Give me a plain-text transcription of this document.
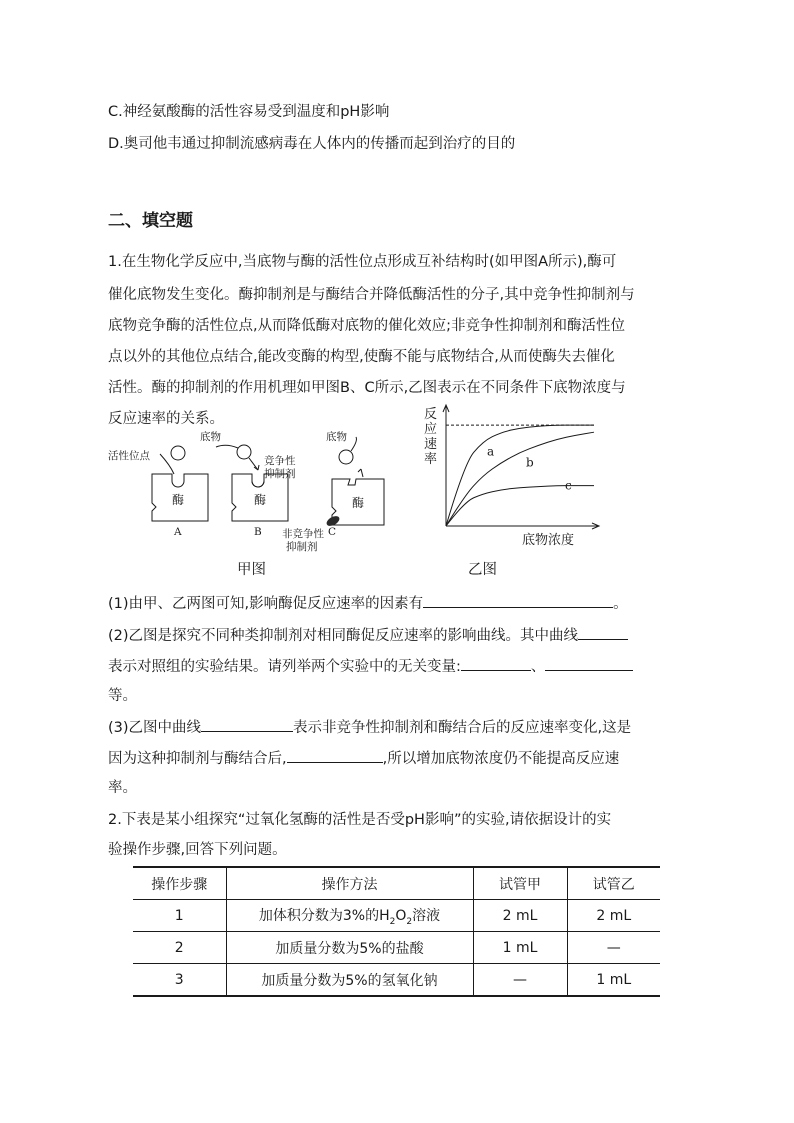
C.神经氨酸酶的活性容易受到温度和pH影响
D.奥司他韦通过抑制流感病毒在人体内的传播而起到治疗的目的
二、填空题
1.在生物化学反应中,当底物与酶的活性位点形成互补结构时(如甲图A所示),酶可
催化底物发生变化。酶抑制剂是与酶结合并降低酶活性的分子,其中竞争性抑制剂与
底物竞争酶的活性位点,从而降低酶对底物的催化效应;非竞争性抑制剂和酶活性位
点以外的其他位点结合,能改变酶的构型,使酶不能与底物结合,从而使酶失去催化
活性。酶的抑制剂的作用机理如甲图B、C所示,乙图表示在不同条件下底物浓度与
反应速率的关系。
活性位点
底物
竞争性
抑制剂
底物
非竞争性
抑制剂
酶	酶	酶
A	B	C
甲图
反
应
速
率
a
b
c
底物浓度
乙图
(1)由甲、乙两图可知,影响酶促反应速率的因素有	。
(2)乙图是探究不同种类抑制剂对相同酶促反应速率的影响曲线。其中曲线
表示对照组的实验结果。请列举两个实验中的无关变量:	、
等。
(3)乙图中曲线	表示非竞争性抑制剂和酶结合后的反应速率变化,这是
因为这种抑制剂与酶结合后,	,所以增加底物浓度仍不能提高反应速
率。
2.下表是某小组探究“过氧化氢酶的活性是否受pH影响”的实验,请依据设计的实
验操作步骤,回答下列问题。
操作步骤	操作方法	试管甲	试管乙
1	加体积分数为3%的$H_2O_2$溶液	2 mL	2 mL
2	加质量分数为5%的盐酸	1 mL	—
3	加质量分数为5%的氢氧化钠	—	1 mL
